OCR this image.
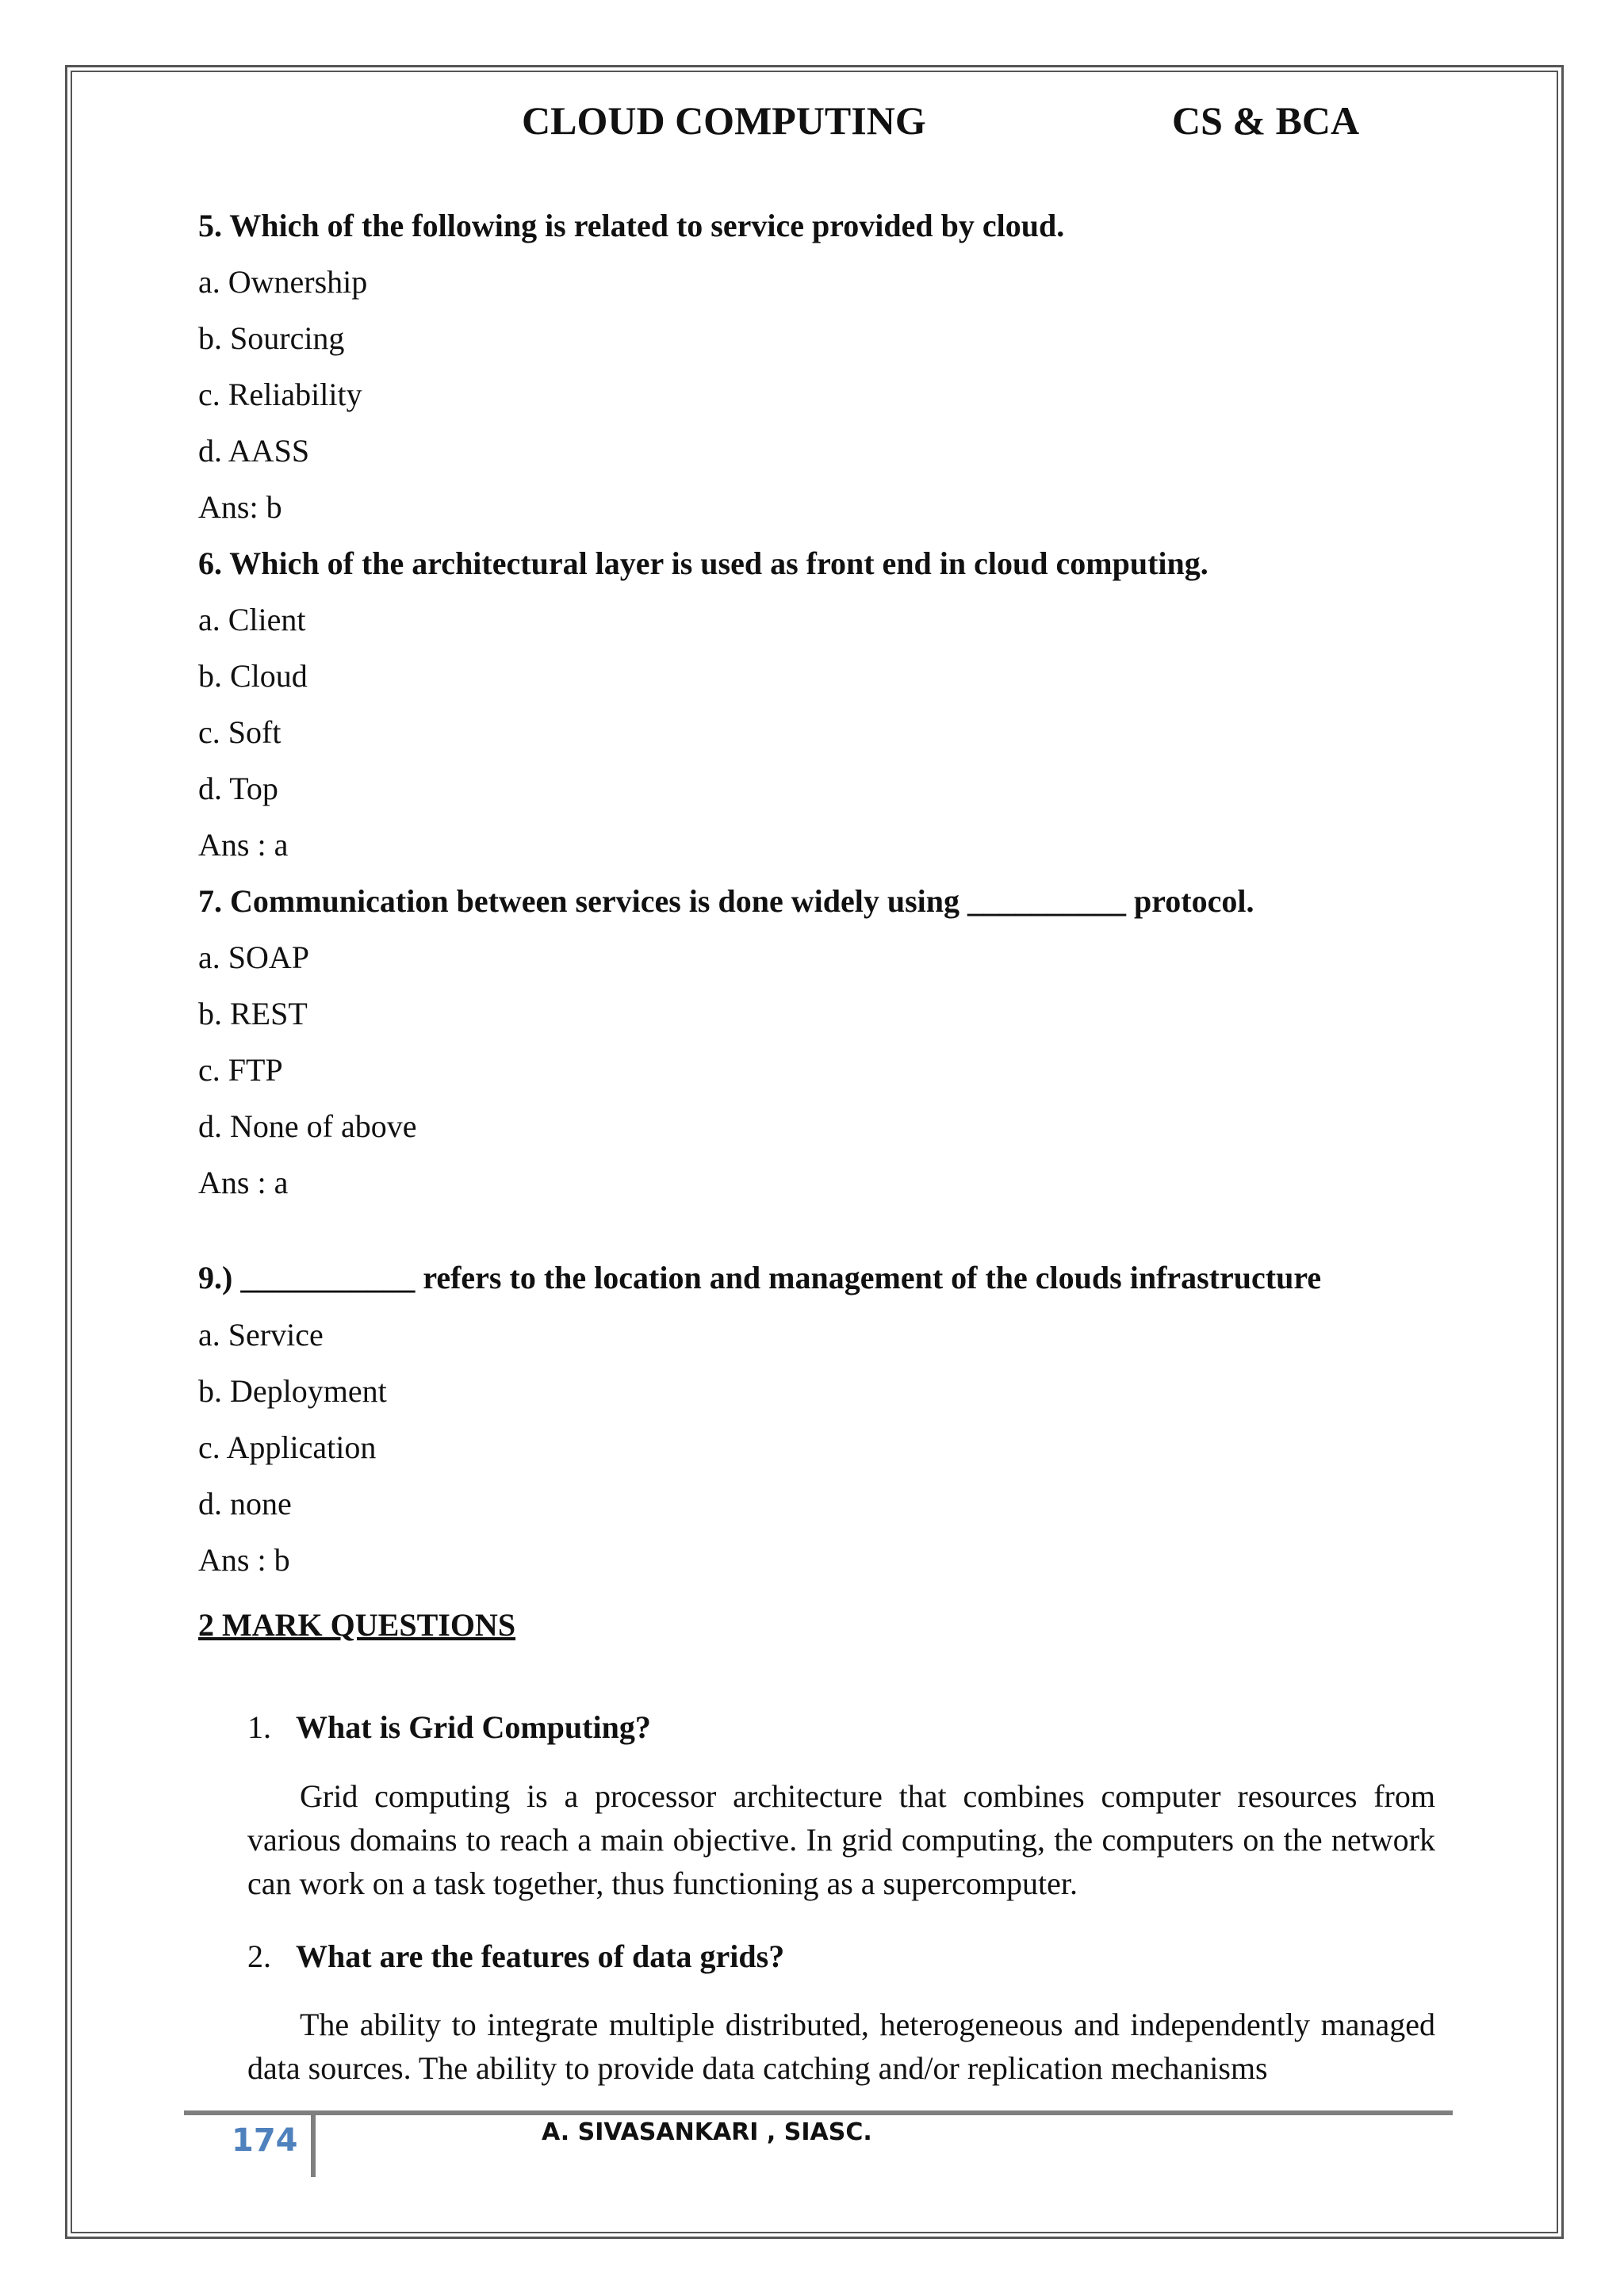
CLOUD COMPUTING	CS & BCA
5. Which of the following is related to service provided by cloud.
a. Ownership
b. Sourcing
c. Reliability
d. AASS
Ans: b
6. Which of the architectural layer is used as front end in cloud computing.
a. Client
b. Cloud
c. Soft
d. Top
Ans : a
7. Communication between services is done widely using __________ protocol.
a. SOAP
b. REST
c. FTP
d. None of above
Ans : a
9.) ___________ refers to the location and management of the clouds infrastructure
a. Service
b. Deployment
c. Application
d. none
Ans : b
2 MARK QUESTIONS
1. What is Grid Computing?
Grid computing is a processor architecture that combines computer resources from various domains to reach a main objective. In grid computing, the computers on the network can work on a task together, thus functioning as a supercomputer.
2. What are the features of data grids?
The ability to integrate multiple distributed, heterogeneous and independently managed data sources. The ability to provide data catching and/or replication mechanisms
174	A. SIVASANKARI , SIASC.
